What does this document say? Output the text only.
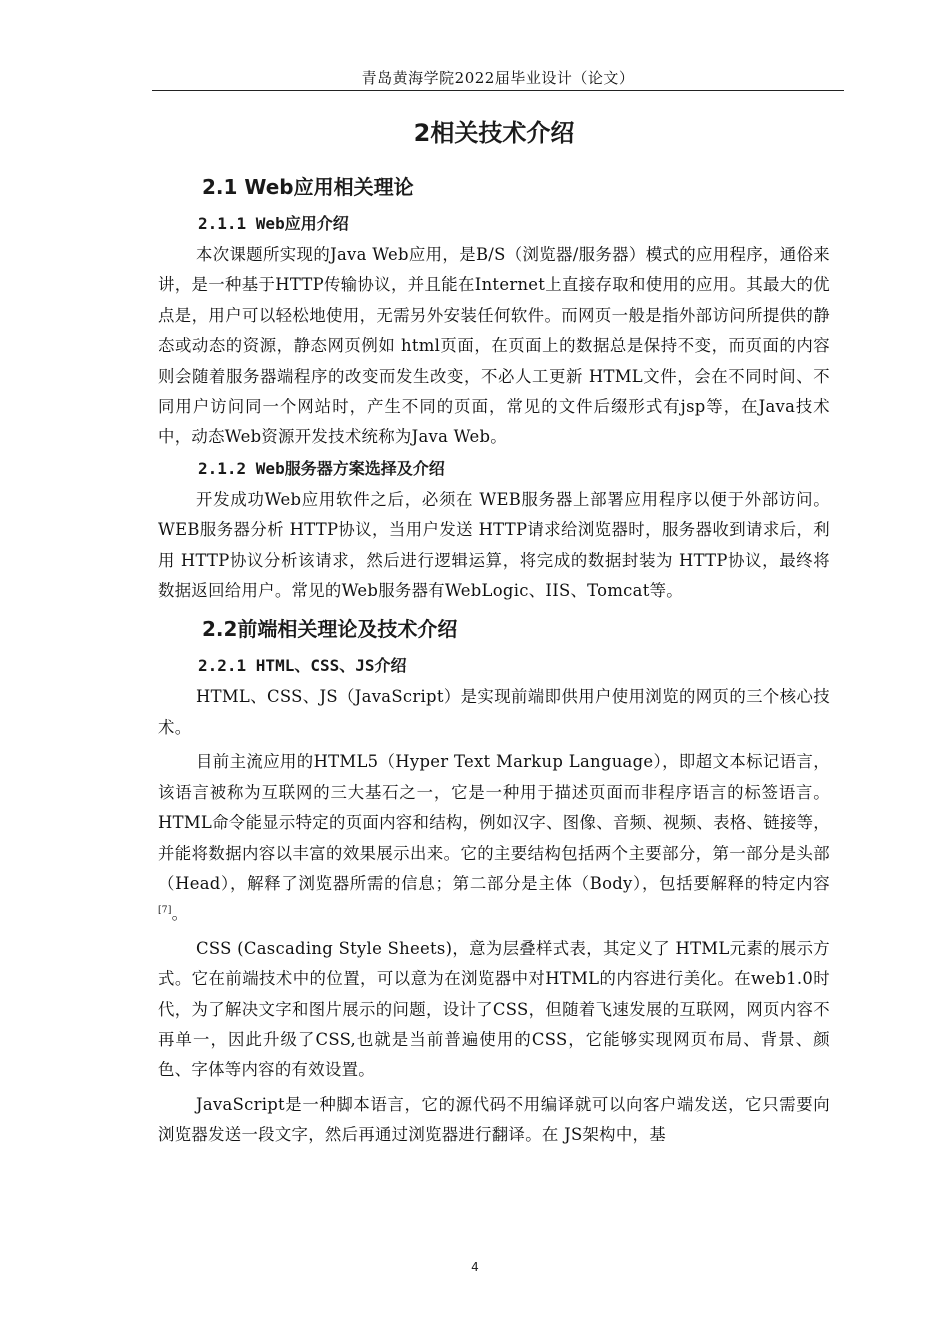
青岛黄海学院2022届毕业设计（论文）
2相关技术介绍
2.1 Web应用相关理论
2.1.1 Web应用介绍

本次课题所实现的Java Web应用，是B/S（浏览器/服务器）模式的应用程序，通俗来讲，是一种基于HTTP传输协议，并且能在Internet上直接存取和使用的应用。其最大的优点是，用户可以轻松地使用，无需另外安装任何软件。而网页一般是指外部访问所提供的静态或动态的资源，静态网页例如 html页面，在页面上的数据总是保持不变，而页面的内容则会随着服务器端程序的改变而发生改变，不必人工更新 HTML文件，会在不同时间、不同用户访问同一个网站时，产生不同的页面，常见的文件后缀形式有jsp等，在Java技术中，动态Web资源开发技术统称为Java Web。

2.1.2 Web服务器方案选择及介绍

开发成功Web应用软件之后，必须在 WEB服务器上部署应用程序以便于外部访问。WEB服务器分析 HTTP协议，当用户发送 HTTP请求给浏览器时，服务器收到请求后，利用 HTTP协议分析该请求，然后进行逻辑运算，将完成的数据封装为 HTTP协议，最终将数据返回给用户。常见的Web服务器有WebLogic、IIS、Tomcat等。

2.2前端相关理论及技术介绍
2.2.1 HTML、CSS、JS介绍

HTML、CSS、JS（JavaScript）是实现前端即供用户使用浏览的网页的三个核心技术。

目前主流应用的HTML5（Hyper Text Markup Language），即超文本标记语言，该语言被称为互联网的三大基石之一，它是一种用于描述页面而非程序语言的标签语言。HTML命令能显示特定的页面内容和结构，例如汉字、图像、音频、视频、表格、链接等，并能将数据内容以丰富的效果展示出来。它的主要结构包括两个主要部分，第一部分是头部（Head），解释了浏览器所需的信息；第二部分是主体（Body），包括要解释的特定内容[7]。

CSS (Cascading Style Sheets)，意为层叠样式表，其定义了 HTML元素的展示方式。它在前端技术中的位置，可以意为在浏览器中对HTML的内容进行美化。在web1.0时代，为了解决文字和图片展示的问题，设计了CSS，但随着飞速发展的互联网，网页内容不再单一，因此升级了CSS,也就是当前普遍使用的CSS，它能够实现网页布局、背景、颜色、字体等内容的有效设置。

JavaScript是一种脚本语言，它的源代码不用编译就可以向客户端发送，它只需要向浏览器发送一段文字，然后再通过浏览器进行翻译。在 JS架构中，基

4
